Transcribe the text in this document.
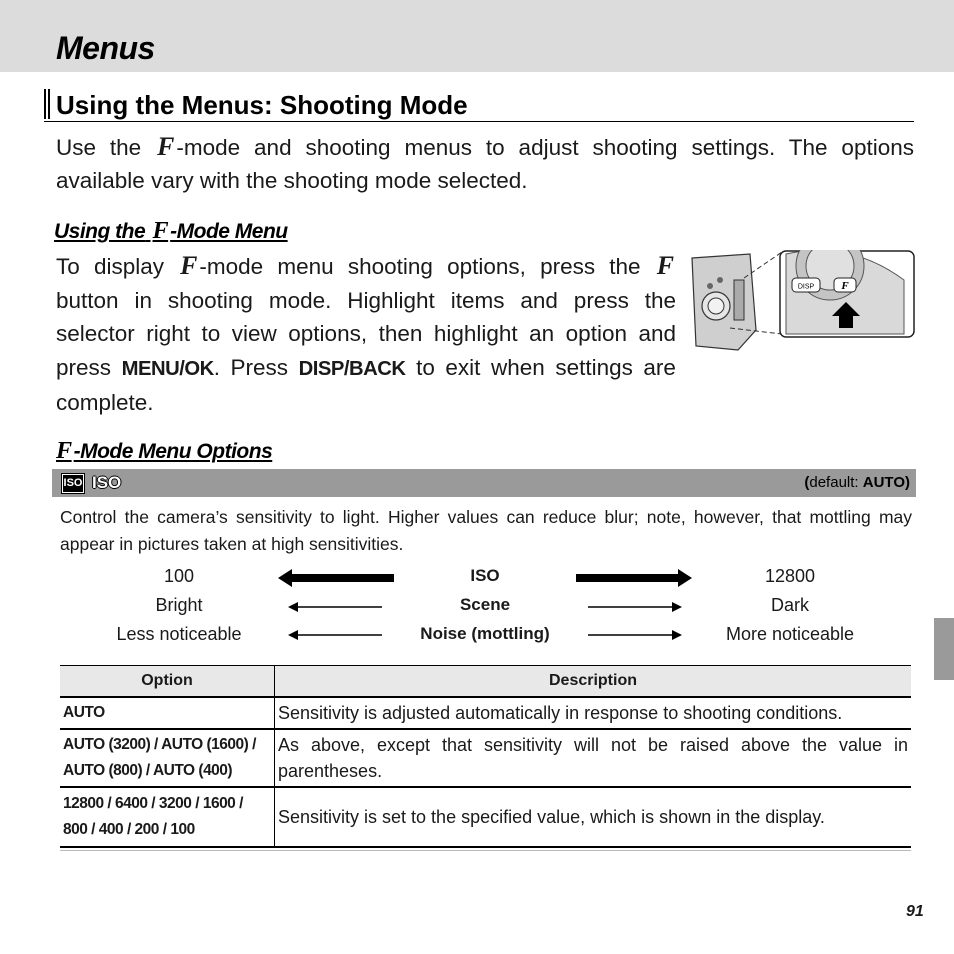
Menus
Using the Menus: Shooting Mode
Use the F-mode and shooting menus to adjust shooting settings. The options available vary with the shooting mode selected.
Using the F-Mode Menu
To display F-mode menu shooting options, press the F button in shooting mode. Highlight items and press the selector right to view options, then highlight an option and press MENU/OK. Press DISP/BACK to exit when settings are complete.
DISP F
F-Mode Menu Options
ISO ISO	(default: AUTO)
Control the camera’s sensitivity to light. Higher values can reduce blur; note, however, that mottling may appear in pictures taken at high sensitivities.
100	ISO	12800
Bright	Scene	Dark
Less noticeable	Noise (mottling)	More noticeable
Option	Description
AUTO	Sensitivity is adjusted automatically in response to shooting conditions.
AUTO (3200) / AUTO (1600) /
AUTO (800) / AUTO (400)	As above, except that sensitivity will not be raised above the value in parentheses.
12800 / 6400 / 3200 / 1600 /
800 / 400 / 200 / 100	Sensitivity is set to the specified value, which is shown in the display.
91
